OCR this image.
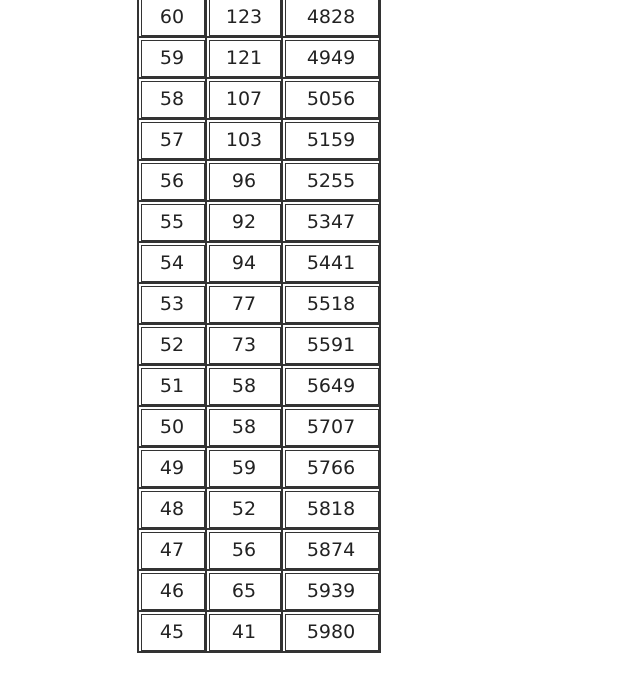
60	123	4828
59	121	4949
58	107	5056
57	103	5159
56	96	5255
55	92	5347
54	94	5441
53	77	5518
52	73	5591
51	58	5649
50	58	5707
49	59	5766
48	52	5818
47	56	5874
46	65	5939
45	41	5980
